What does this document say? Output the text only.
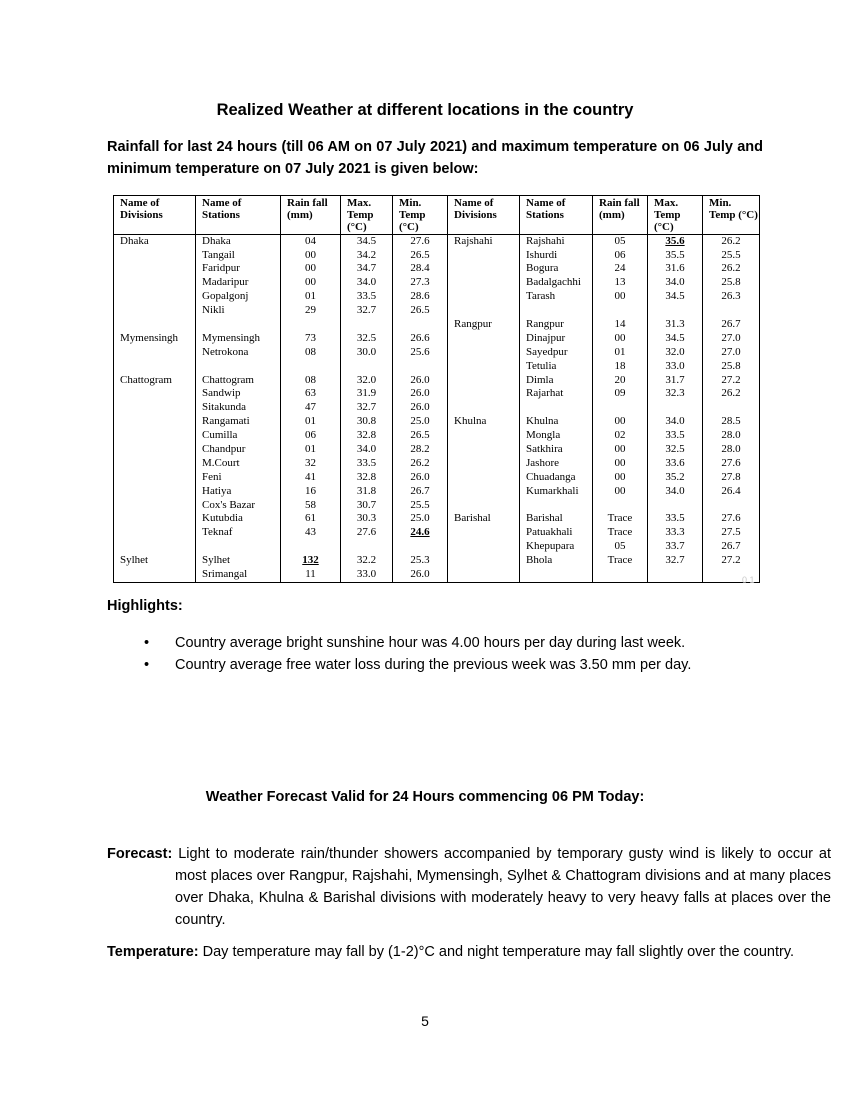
Realized Weather at different locations in the country
Rainfall for last 24 hours (till 06 AM on 07 July 2021) and maximum temperature on 06 July and minimum temperature on 07 July 2021 is given below:
Name of Divisions	Name of Stations	Rain fall (mm)	Max. Temp (°C)	Min. Temp (°C)	Name of Divisions	Name of Stations	Rain fall (mm)	Max. Temp (°C)	Min. Temp (°C)
Dhaka	Dhaka	04	34.5	27.6	Rajshahi	Rajshahi	05	35.6	26.2
	Tangail	00	34.2	26.5		Ishurdi	06	35.5	25.5
	Faridpur	00	34.7	28.4		Bogura	24	31.6	26.2
	Madaripur	00	34.0	27.3		Badalgachhi	13	34.0	25.8
	Gopalgonj	01	33.5	28.6		Tarash	00	34.5	26.3
	Nikli	29	32.7	26.5					
					Rangpur	Rangpur	14	31.3	26.7
Mymensingh	Mymensingh	73	32.5	26.6		Dinajpur	00	34.5	27.0
	Netrokona	08	30.0	25.6		Sayedpur	01	32.0	27.0
						Tetulia	18	33.0	25.8
Chattogram	Chattogram	08	32.0	26.0		Dimla	20	31.7	27.2
	Sandwip	63	31.9	26.0		Rajarhat	09	32.3	26.2
	Sitakunda	47	32.7	26.0					
	Rangamati	01	30.8	25.0	Khulna	Khulna	00	34.0	28.5
	Cumilla	06	32.8	26.5		Mongla	02	33.5	28.0
	Chandpur	01	34.0	28.2		Satkhira	00	32.5	28.0
	M.Court	32	33.5	26.2		Jashore	00	33.6	27.6
	Feni	41	32.8	26.0		Chuadanga	00	35.2	27.8
	Hatiya	16	31.8	26.7		Kumarkhali	00	34.0	26.4
	Cox's Bazar	58	30.7	25.5					
	Kutubdia	61	30.3	25.0	Barishal	Barishal	Trace	33.5	27.6
	Teknaf	43	27.6	24.6		Patuakhali	Trace	33.3	27.5
						Khepupara	05	33.7	26.7
Sylhet	Sylhet	132	32.2	25.3		Bhola	Trace	32.7	27.2
	Srimangal	11	33.0	26.0					
0 1
Highlights:
• Country average bright sunshine hour was 4.00 hours per day during last week.
• Country average free water loss during the previous week was 3.50 mm per day.
Weather Forecast Valid for 24 Hours commencing 06 PM Today:
Forecast: Light to moderate rain/thunder showers accompanied by temporary gusty wind is likely to occur at most places over Rangpur, Rajshahi, Mymensingh, Sylhet & Chattogram divisions and at many places over Dhaka, Khulna & Barishal divisions with moderately heavy to very heavy falls at places over the country.
Temperature: Day temperature may fall by (1-2)°C and night temperature may fall slightly over the country.
5
